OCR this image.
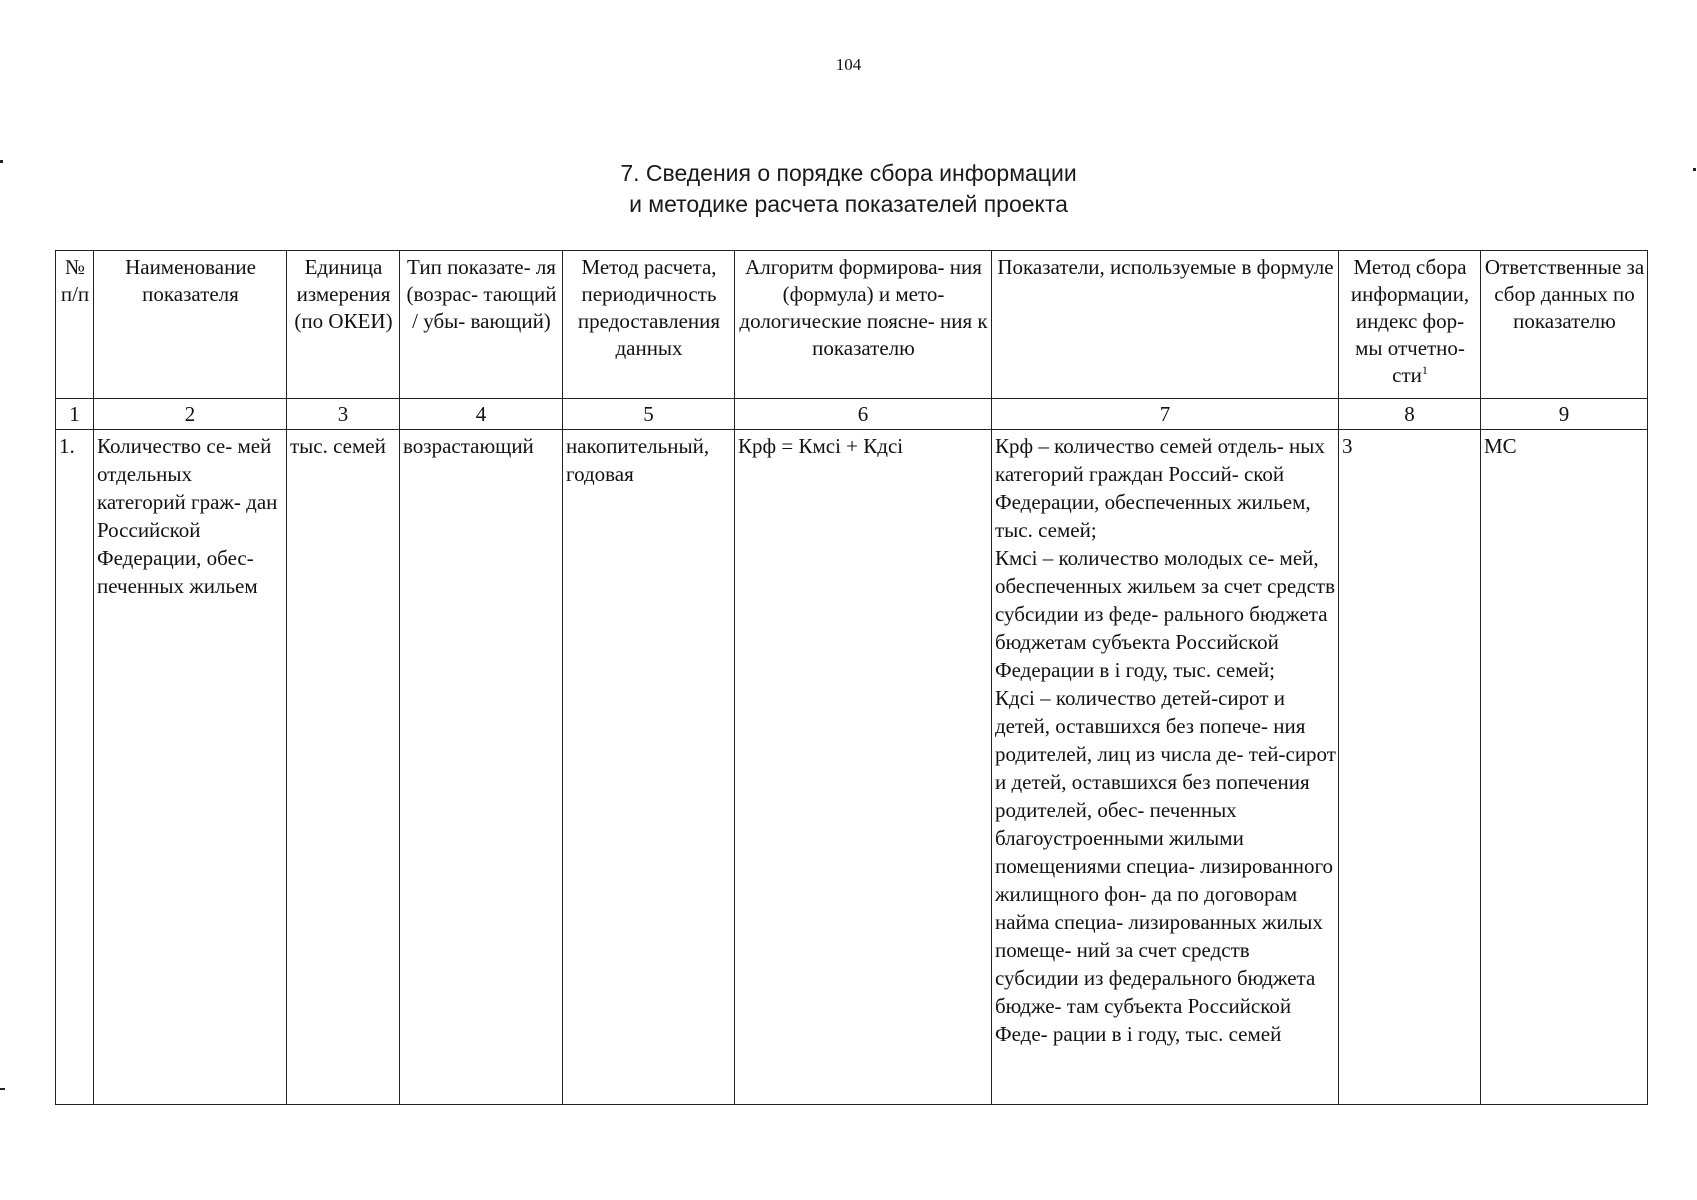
104
7. Сведения о порядке сбора информации
и методике расчета показателей проекта
№ п/п	Наименование показателя	Единица измерения (по ОКЕИ)	Тип показате- ля (возрас- тающий / убы- вающий)	Метод расчета, периодичность предоставления данных	Алгоритм формирова- ния (формула) и мето- дологические поясне- ния к показателю	Показатели, используемые в формуле	Метод сбора информации, индекс фор- мы отчетно- сти$^1$	Ответственные за сбор данных по показателю
1	2	3	4	5	6	7	8	9

1.	Количество се- мей отдельных категорий граж- дан Российской Федерации, обес- печенных жильем	тыс. семей	возрастающий	накопительный, годовая	Крф = Кмсi + Кдсi	Крф – количество семей отдель- ных категорий граждан Россий- ской Федерации, обеспеченных жильем, тыс. семей;
Кмсi – количество молодых се- мей, обеспеченных жильем за счет средств субсидии из феде- рального бюджета бюджетам субъекта Российской Федерации в i году, тыс. семей;
Кдсi – количество детей-сирот и детей, оставшихся без попече- ния родителей, лиц из числа де- тей-сирот и детей, оставшихся без попечения родителей, обес- печенных благоустроенными жилыми помещениями специа- лизированного жилищного фон- да по договорам найма специа- лизированных жилых помеще- ний за счет средств субсидии из федерального бюджета бюдже- там субъекта Российской Феде- рации в i году, тыс. семей	3	МС
